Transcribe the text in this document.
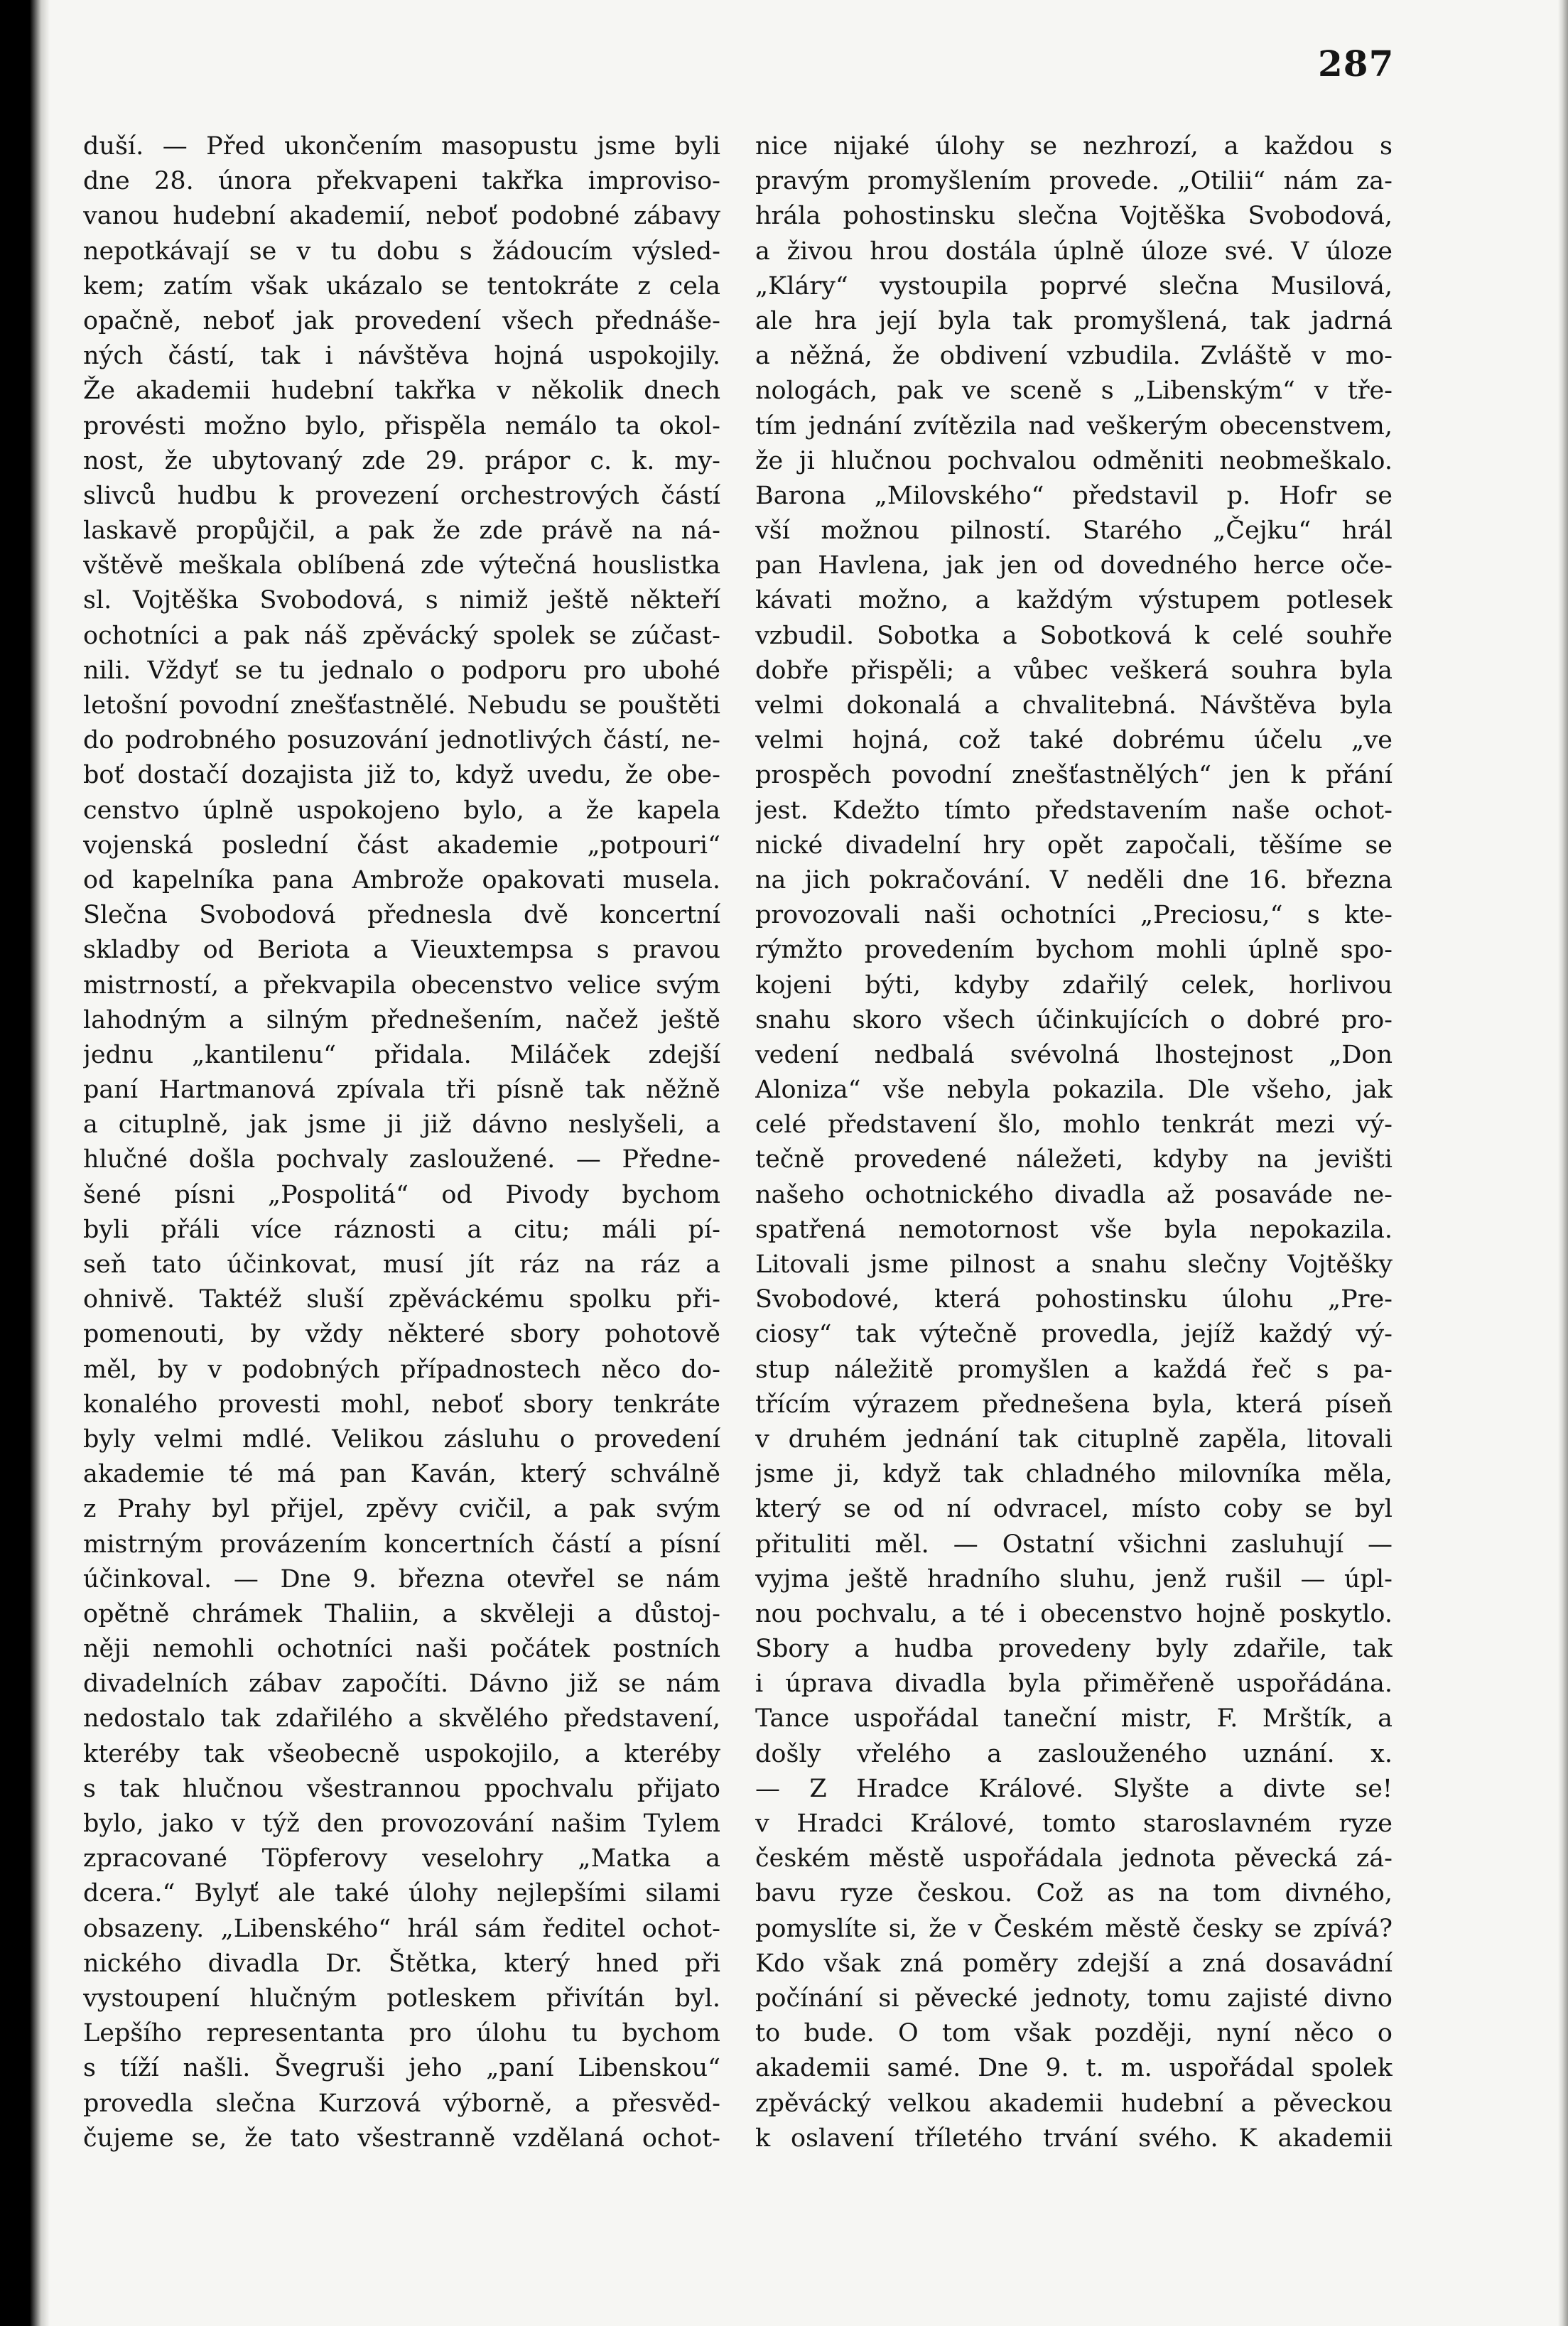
287
duší. — Před ukončením masopustu jsme byli
dne 28. února překvapeni takřka improviso-
vanou hudební akademií, neboť podobné zábavy
nepotkávají se v tu dobu s žádoucím výsled-
kem; zatím však ukázalo se tentokráte z cela
opačně, neboť jak provedení všech přednáše-
ných částí, tak i návštěva hojná uspokojily.
Že akademii hudební takřka v několik dnech
provésti možno bylo, přispěla nemálo ta okol-
nost, že ubytovaný zde 29. prápor c. k. my-
slivců hudbu k provezení orchestrových částí
laskavě propůjčil, a pak že zde právě na ná-
vštěvě meškala oblíbená zde výtečná houslistka
sl. Vojtěška Svobodová, s nimiž ještě někteří
ochotníci a pak náš zpěvácký spolek se zúčast-
nili. Vždyť se tu jednalo o podporu pro ubohé
letošní povodní znešťastnělé. Nebudu se pouštěti
do podrobného posuzování jednotlivých částí, ne-
boť dostačí dozajista již to, když uvedu, že obe-
censtvo úplně uspokojeno bylo, a že kapela
vojenská poslední část akademie „potpouri“
od kapelníka pana Ambrože opakovati musela.
Slečna Svobodová přednesla dvě koncertní
skladby od Beriota a Vieuxtempsa s pravou
mistrností, a překvapila obecenstvo velice svým
lahodným a silným přednešením, načež ještě
jednu „kantilenu“ přidala. Miláček zdejší
paní Hartmanová zpívala tři písně tak něžně
a cituplně, jak jsme ji již dávno neslyšeli, a
hlučné došla pochvaly zasloužené. — Předne-
šené písni „Pospolitá“ od Pivody bychom
byli přáli více ráznosti a citu; máli pí-
seň tato účinkovat, musí jít ráz na ráz a
ohnivě. Taktéž sluší zpěváckému spolku při-
pomenouti, by vždy některé sbory pohotově
měl, by v podobných případnostech něco do-
konalého provesti mohl, neboť sbory tenkráte
byly velmi mdlé. Velikou zásluhu o provedení
akademie té má pan Kaván, který schválně
z Prahy byl přijel, zpěvy cvičil, a pak svým
mistrným provázením koncertních částí a písní
účinkoval. — Dne 9. března otevřel se nám
opětně chrámek Thaliin, a skvěleji a důstoj-
něji nemohli ochotníci naši počátek postních
divadelních zábav započíti. Dávno již se nám
nedostalo tak zdařilého a skvělého představení,
kteréby tak všeobecně uspokojilo, a kteréby
s tak hlučnou všestrannou ppochvalu přijato
bylo, jako v týž den provozování našim Tylem
zpracované Töpferovy veselohry „Matka a
dcera.“ Bylyť ale také úlohy nejlepšími silami
obsazeny. „Libenského“ hrál sám ředitel ochot-
nického divadla Dr. Štětka, který hned při
vystoupení hlučným potleskem přivítán byl.
Lepšího representanta pro úlohu tu bychom
s tíží našli. Švegruši jeho „paní Libenskou“
provedla slečna Kurzová výborně, a přesvěd-
čujeme se, že tato všestranně vzdělaná ochot-
nice nijaké úlohy se nezhrozí, a každou s
pravým promyšlením provede. „Otilii“ nám za-
hrála pohostinsku slečna Vojtěška Svobodová,
a živou hrou dostála úplně úloze své. V úloze
„Kláry“ vystoupila poprvé slečna Musilová,
ale hra její byla tak promyšlená, tak jadrná
a něžná, že obdivení vzbudila. Zvláště v mo-
nologách, pak ve sceně s „Libenským“ v tře-
tím jednání zvítězila nad veškerým obecenstvem,
že ji hlučnou pochvalou odměniti neobmeškalo.
Barona „Milovského“ představil p. Hofr se
vší možnou pilností. Starého „Čejku“ hrál
pan Havlena, jak jen od dovedného herce oče-
kávati možno, a každým výstupem potlesek
vzbudil. Sobotka a Sobotková k celé souhře
dobře přispěli; a vůbec veškerá souhra byla
velmi dokonalá a chvalitebná. Návštěva byla
velmi hojná, což také dobrému účelu „ve
prospěch povodní znešťastnělých“ jen k přání
jest. Kdežto tímto představením naše ochot-
nické divadelní hry opět započali, těšíme se
na jich pokračování. V neděli dne 16. března
provozovali naši ochotníci „Preciosu,“ s kte-
rýmžto provedením bychom mohli úplně spo-
kojeni býti, kdyby zdařilý celek, horlivou
snahu skoro všech účinkujících o dobré pro-
vedení nedbalá svévolná lhostejnost „Don
Aloniza“ vše nebyla pokazila. Dle všeho, jak
celé představení šlo, mohlo tenkrát mezi vý-
tečně provedené náležeti, kdyby na jevišti
našeho ochotnického divadla až posaváde ne-
spatřená nemotornost vše byla nepokazila.
Litovali jsme pilnost a snahu slečny Vojtěšky
Svobodové, která pohostinsku úlohu „Pre-
ciosy“ tak výtečně provedla, jejíž každý vý-
stup náležitě promyšlen a každá řeč s pa-
třícím výrazem přednešena byla, která píseň
v druhém jednání tak cituplně zapěla, litovali
jsme ji, když tak chladného milovníka měla,
který se od ní odvracel, místo coby se byl
přituliti měl. — Ostatní všichni zasluhují —
vyjma ještě hradního sluhu, jenž rušil — úpl-
nou pochvalu, a té i obecenstvo hojně poskytlo.
Sbory a hudba provedeny byly zdařile, tak
i úprava divadla byla přiměřeně uspořádána.
Tance uspořádal taneční mistr, F. Mrštík, a
došly vřelého a zaslouženého uznání. x.
— Z Hradce Králové. Slyšte a divte se!
v Hradci Králové, tomto staroslavném ryze
českém městě uspořádala jednota pěvecká zá-
bavu ryze českou. Což as na tom divného,
pomyslíte si, že v Českém městě česky se zpívá?
Kdo však zná poměry zdejší a zná dosavádní
počínání si pěvecké jednoty, tomu zajisté divno
to bude. O tom však později, nyní něco o
akademii samé. Dne 9. t. m. uspořádal spolek
zpěvácký velkou akademii hudební a pěveckou
k oslavení tříletého trvání svého. K akademii
